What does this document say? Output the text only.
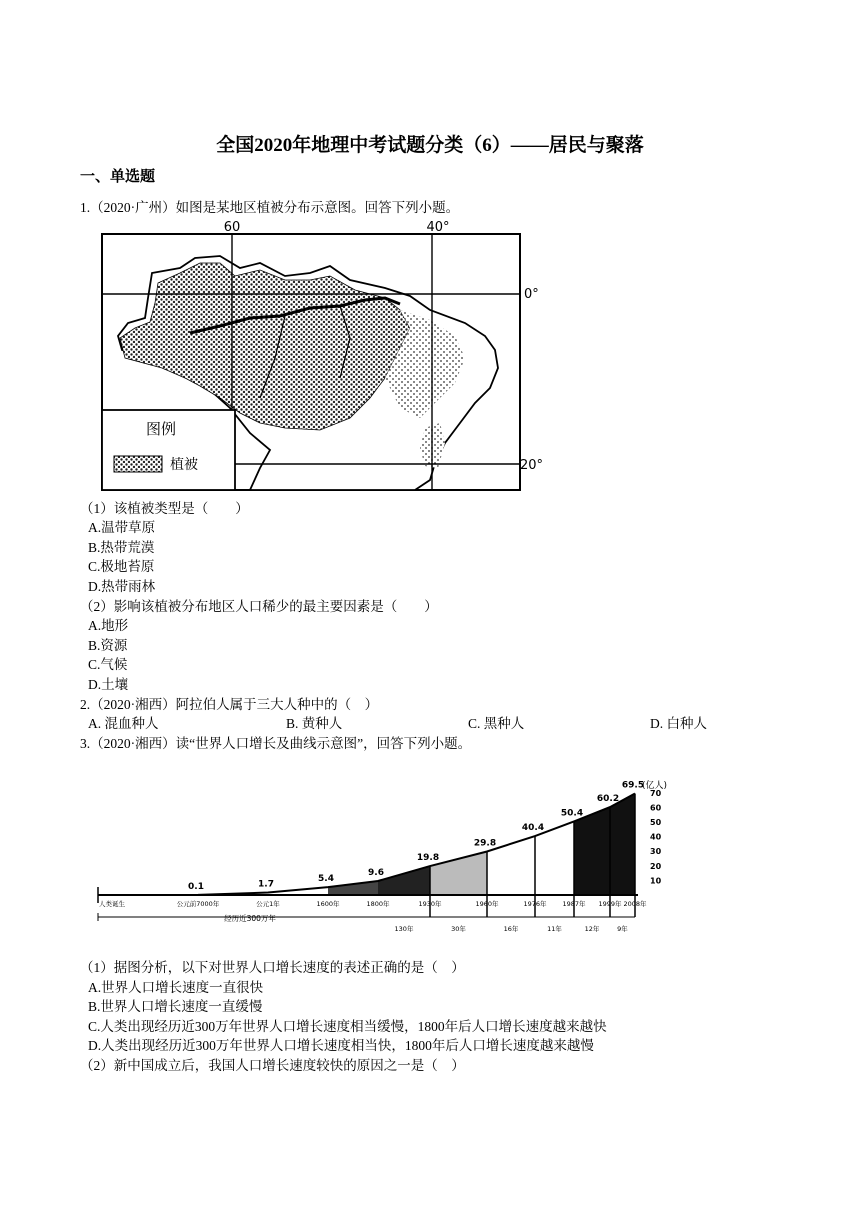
全国2020年地理中考试题分类（6）——居民与聚落
一、单选题
1.（2020·广州）如图是某地区植被分布示意图。回答下列小题。
60	40°
0°
20°
图例
植被
（1）该植被类型是（　　）
A.温带草原
B.热带荒漠
C.极地苔原
D.热带雨林
（2）影响该植被分布地区人口稀少的最主要因素是（　　）
A.地形
B.资源
C.气候
D.土壤
2.（2020·湘西）阿拉伯人属于三大人种中的（　）
A. 混血种人	B. 黄种人	C. 黑种人	D. 白种人
3.（2020·湘西）读“世界人口增长及曲线示意图”，回答下列小题。
0.1	1.7
5.4
9.6
19.8
29.8
40.4
50.4
60.2
69.5
人类诞生	公元前7000年	公元1年	1600年	1800年	1930年	1960年	1976年 1987年 1999年 2008年
70
60
50
40
30
20
10
(亿人)
经历近300万年
130年	30年	16年	11年	12年	9年
（1）据图分析，以下对世界人口增长速度的表述正确的是（　）
A.世界人口增长速度一直很快
B.世界人口增长速度一直缓慢
C.人类出现经历近300万年世界人口增长速度相当缓慢，1800年后人口增长速度越来越快
D.人类出现经历近300万年世界人口增长速度相当快，1800年后人口增长速度越来越慢
（2）新中国成立后，我国人口增长速度较快的原因之一是（　）
